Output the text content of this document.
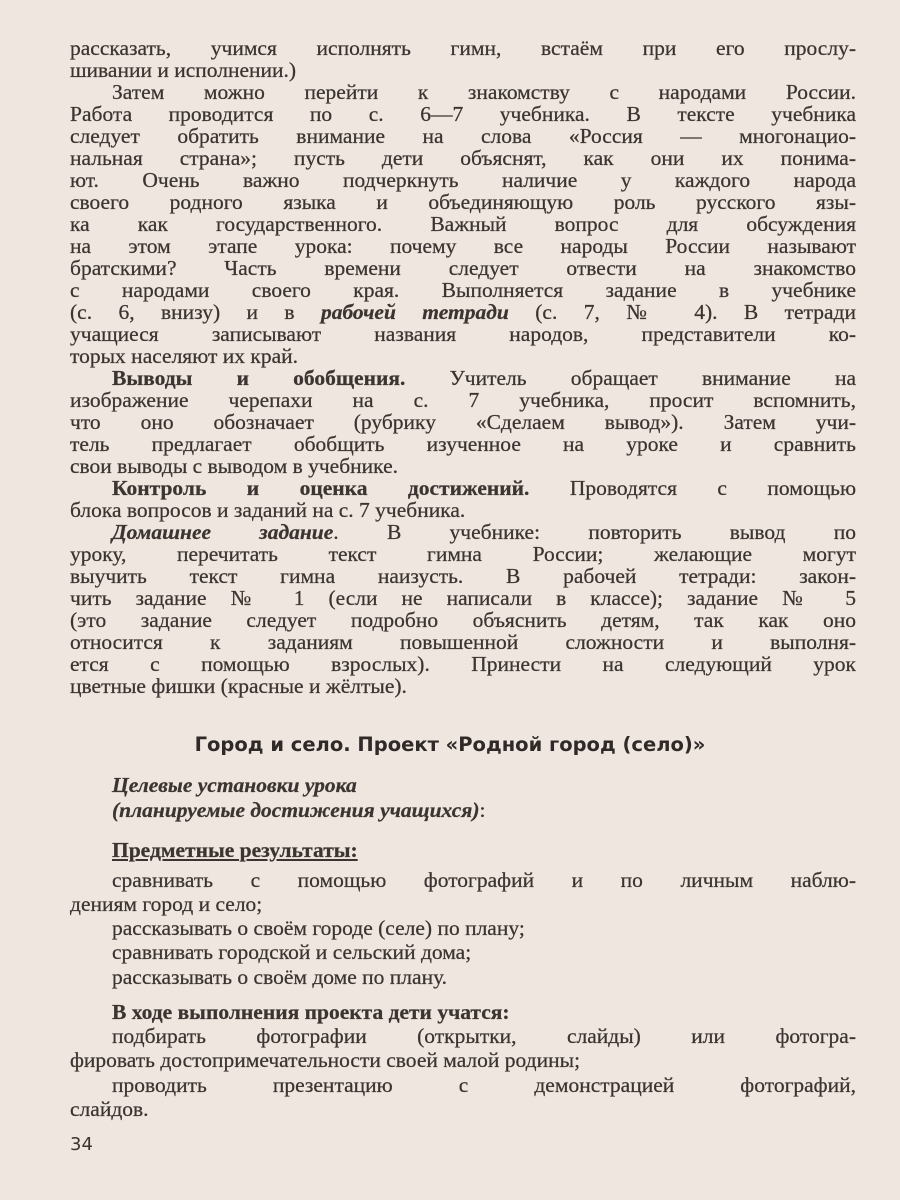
рассказать, учимся исполнять гимн, встаём при его прослу-
шивании и исполнении.)
Затем можно перейти к знакомству с народами России.
Работа проводится по с. 6—7 учебника. В тексте учебника
следует обратить внимание на слова «Россия — многонацио-
нальная страна»; пусть дети объяснят, как они их понима-
ют. Очень важно подчеркнуть наличие у каждого народа
своего родного языка и объединяющую роль русского язы-
ка как государственного. Важный вопрос для обсуждения
на этом этапе урока: почему все народы России называют
братскими? Часть времени следует отвести на знакомство
с народами своего края. Выполняется задание в учебнике
(с. 6, внизу) и в рабочей тетради (с. 7, № 4). В тетради
учащиеся записывают названия народов, представители ко-
торых населяют их край.
Выводы и обобщения. Учитель обращает внимание на
изображение черепахи на с. 7 учебника, просит вспомнить,
что оно обозначает (рубрику «Сделаем вывод»). Затем учи-
тель предлагает обобщить изученное на уроке и сравнить
свои выводы с выводом в учебнике.
Контроль и оценка достижений. Проводятся с помощью
блока вопросов и заданий на с. 7 учебника.
Домашнее задание. В учебнике: повторить вывод по
уроку, перечитать текст гимна России; желающие могут
выучить текст гимна наизусть. В рабочей тетради: закон-
чить задание № 1 (если не написали в классе); задание № 5
(это задание следует подробно объяснить детям, так как оно
относится к заданиям повышенной сложности и выполня-
ется с помощью взрослых). Принести на следующий урок
цветные фишки (красные и жёлтые).
Целевые установки урока
(планируемые достижения учащихся):
Предметные результаты:
сравнивать с помощью фотографий и по личным наблю-
дениям город и село;
рассказывать о своём городе (селе) по плану;
сравнивать городской и сельский дома;
рассказывать о своём доме по плану.
В ходе выполнения проекта дети учатся:
подбирать фотографии (открытки, слайды) или фотогра-
фировать достопримечательности своей малой родины;
проводить презентацию с демонстрацией фотографий,
слайдов.
Город и село. Проект «Родной город (село)»
34
